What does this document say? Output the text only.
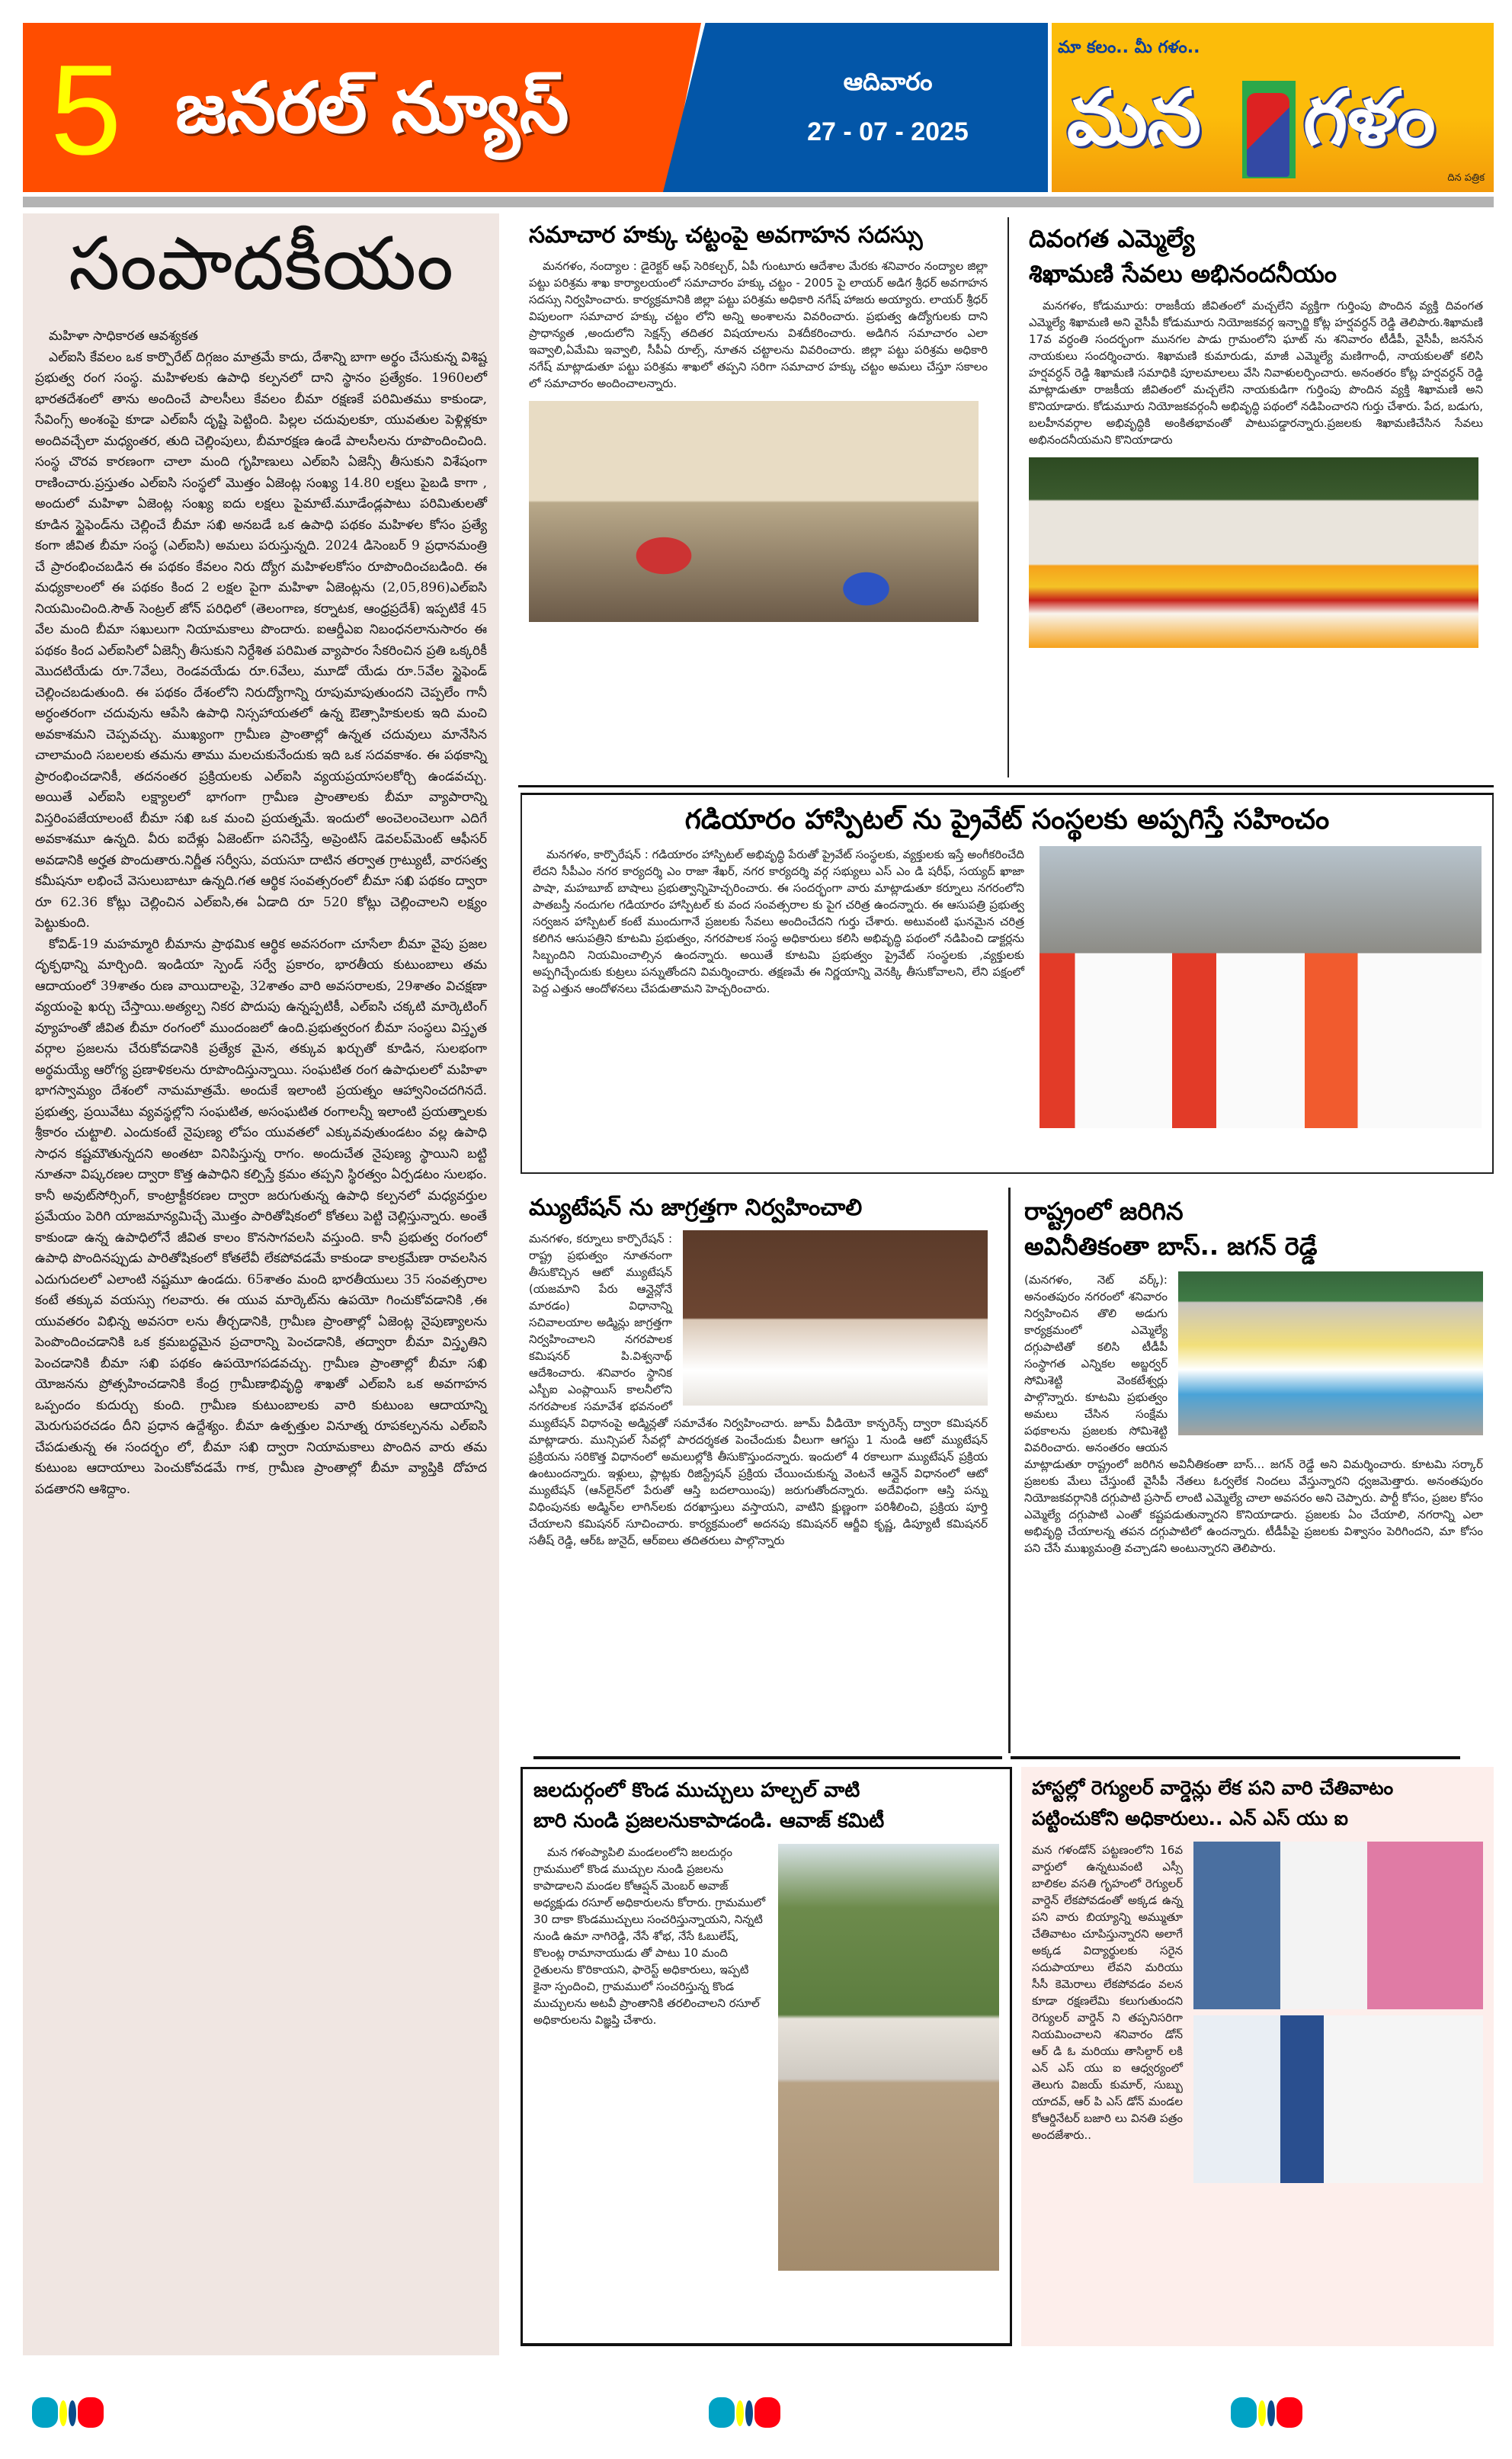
5 జనరల్ న్యూస్	ఆదివారం
27 - 07 - 2025
మా కలం.. మీ గళం..
మన గళం
దిన పత్రిక
సంపాదకీయం

మహిళా సాధికారత ఆవశ్యకత

ఎల్ఐసి కేవలం ఒక కార్పొరేట్ దిగ్గజం మాత్రమే కాదు, దేశాన్ని బాగా అర్థం చేసుకున్న విశిష్ట ప్రభుత్వ రంగ సంస్థ. మహిళలకు ఉపాధి కల్పనలో దాని స్థానం ప్రత్యేకం. 1960లలో భారతదేశంలో తాను అందించే పాలసీలు కేవలం బీమా రక్షణకే పరిమితము కాకుండా, సేవింగ్స్ అంశంపై కూడా ఎల్ఐసీ దృష్టి పెట్టింది. పిల్లల చదువులకూ, యువతుల పెళ్లిళ్లకూ అందివచ్చేలా మధ్యంతర, తుది చెల్లింపులు, బీమారక్షణ ఉండే పాలసీలను రూపొందించింది. సంస్థ చొరవ కారణంగా చాలా మంది గృహిణులు ఎల్ఐసి ఏజెన్సీ తీసుకుని విశేషంగా రాణించారు.ప్రస్తుతం ఎల్ఐసి సంస్థలో మొత్తం ఏజెంట్ల సంఖ్య 14.80 లక్షలు పైబడి కాగా , అందులో మహిళా ఏజెంట్ల సంఖ్య ఐదు లక్షలు పైమాటే.మూడేండ్లపాటు పరిమితులతో కూడిన స్టైఫెండ్‌ను చెల్లించే బీమా సఖి అనబడే ఒక ఉపాధి పథకం మహిళల కోసం ప్రత్యే కంగా జీవిత బీమా సంస్థ (ఎల్ఐసి) అమలు పరుస్తున్నది. 2024 డిసెంబర్ 9 ప్రధానమంత్రి చే ప్రారంభించబడిన ఈ పథకం కేవలం నిరు ద్యోగ మహిళలకోసం రూపొందించబడింది. ఈ మధ్యకాలంలో ఈ పథకం కింద 2 లక్షల పైగా మహిళా ఏజెంట్లను (2,05,896)ఎల్ఐసి నియమించింది.సౌత్ సెంట్రల్ జోన్ పరిధిలో (తెలంగాణ, కర్నాటక, ఆంధ్రప్రదేశ్) ఇప్పటికే 45 వేల మంది బీమా సఖులుగా నియామకాలు పొందారు. ఐఆర్డీఎఐ నిబంధనలానుసారం ఈ పథకం కింద ఎల్ఐసిలో ఏజెన్సీ తీసుకుని నిర్దేశిత పరిమిత వ్యాపారం సేకరించిన ప్రతి ఒక్కరికీ మొదటియేడు రూ.7వేలు, రెండవయేడు రూ.6వేలు, మూడో యేడు రూ.5వేల స్టైఫెండ్ చెల్లించబడుతుంది. ఈ పథకం దేశంలోని నిరుద్యోగాన్ని రూపుమాపుతుందని చెప్పలేం గానీ అర్ధంతరంగా చదువును ఆపేసి ఉపాధి నిస్సహాయతలో ఉన్న ఔత్సాహికులకు ఇది మంచి అవకాశమని చెప్పవచ్చు. ముఖ్యంగా గ్రామీణ ప్రాంతాల్లో ఉన్నత చదువులు మానేసిన చాలామంది సబలలకు తమను తాము మలచుకునేందుకు ఇది ఒక సదవకాశం. ఈ పథకాన్ని ప్రారంభించడానికీ, తదనంతర ప్రక్రియలకు ఎల్ఐసి వ్యయప్రయాసలకోర్చి ఉండవచ్చు. అయితే ఎల్ఐసి లక్ష్యాలలో భాగంగా గ్రామీణ ప్రాంతాలకు బీమా వ్యాపారాన్ని విస్తరింపజేయాలంటే బీమా సఖి ఒక మంచి ప్రయత్నమే. ఇందులో అంచెలంచెలుగా ఎదిగే అవకాశమూ ఉన్నది. వీరు ఐదేళ్లు ఏజెంట్‌గా పనిచేస్తే, అప్రెంటిస్ డెవలప్‌మెంట్ ఆఫీసర్ అవడానికి అర్హత పొందుతారు.నిర్ణీత సర్వీసు, వయసూ దాటిన తర్వాత గ్రాట్యుటీ, వారసత్వ కమీషనూ లభించే వెసులుబాటూ ఉన్నది.గత ఆర్థిక సంవత్సరంలో బీమా సఖి పథకం ద్వారా రూ 62.36 కోట్లు చెల్లించిన ఎల్ఐసి,ఈ ఏడాది రూ 520 కోట్లు చెల్లించాలని లక్ష్యం పెట్టుకుంది.

కోవిడ్-19 మహమ్మారి బీమాను ప్రాథమిక ఆర్థిక అవసరంగా చూసేలా బీమా వైపు ప్రజల దృక్పథాన్ని మార్చింది. ఇండియా స్పెండ్ సర్వే ప్రకారం, భారతీయ కుటుంబాలు తమ ఆదాయంలో 39శాతం రుణ వాయిదాలపై, 32శాతం వారి అవసరాలకు, 29శాతం విచక్షణా వ్యయంపై ఖర్చు చేస్తాయి.అత్యల్ప నికర పొదుపు ఉన్నప్పటికీ, ఎల్ఐసి చక్కటి మార్కెటింగ్ వ్యూహంతో జీవిత బీమా రంగంలో ముందంజలో ఉంది.ప్రభుత్వరంగ బీమా సంస్థలు విస్తృత వర్గాల ప్రజలను చేరుకోవడానికి ప్రత్యేక మైన, తక్కువ ఖర్చుతో కూడిన, సులభంగా అర్థమయ్యే ఆరోగ్య ప్రణాళికలను రూపొందిస్తున్నాయి. సంఘటిత రంగ ఉపాధులలో మహిళా భాగస్వామ్యం దేశంలో నామమాత్రమే. అందుకే ఇలాంటి ప్రయత్నం ఆహ్వానించదగినదే. ప్రభుత్వ, ప్రయివేటు వ్యవస్థల్లోని సంఘటిత, అసంఘటిత రంగాలన్నీ ఇలాంటి ప్రయత్నాలకు శ్రీకారం చుట్టాలి. ఎందుకంటే నైపుణ్య లోపం యువతలో ఎక్కువవుతుండటం వల్ల ఉపాధి సాధన కష్టమౌతున్నదని అంతటా వినిపిస్తున్న రాగం. అందుచేత నైపుణ్య స్థాయిని బట్టి నూతనా విష్కరణల ద్వారా కొత్త ఉపాధిని కల్పిస్తే క్రమం తప్పని స్థిరత్వం ఏర్పడటం సులభం. కానీ అవుట్‌సోర్సింగ్, కాంట్రాక్టీకరణల ద్వారా జరుగుతున్న ఉపాధి కల్పనలో మధ్యవర్తుల ప్రమేయం పెరిగి యాజమాన్యమిచ్చే మొత్తం పారితోషికంలో కోతలు పెట్టి చెల్లిస్తున్నారు. అంతే కాకుండా ఉన్న ఉపాధిలోనే జీవిత కాలం కొనసాగవలసి వస్తుంది. కానీ ప్రభుత్వ రంగంలో ఉపాధి పొందినప్పుడు పారితోషికంలో కోతలేవీ లేకపోవడమే కాకుండా కాలక్రమేణా రావలసిన ఎదుగుదలలో ఎలాంటి నష్టమూ ఉండదు. 65శాతం మంది భారతీయులు 35 సంవత్సరాల కంటే తక్కువ వయస్సు గలవారు. ఈ యువ మార్కెట్‌ను ఉపయో గించుకోవడానికి ,ఈ యువతరం విభిన్న అవసరా లను తీర్చడానికి, గ్రామీణ ప్రాంతాల్లో ఏజెంట్ల నైపుణ్యాలను పెంపొందించడానికి ఒక క్రమబద్ధమైన ప్రచారాన్ని పెంచడానికి, తద్వారా బీమా విస్తృతిని పెంచడానికి బీమా సఖి పథకం ఉపయోగపడవచ్చు. గ్రామీణ ప్రాంతాల్లో బీమా సఖి యోజనను ప్రోత్సహించడానికి కేంద్ర గ్రామీణాభివృద్ధి శాఖతో ఎల్ఐసి ఒక అవగాహన ఒప్పందం కుదుర్చు కుంది. గ్రామీణ కుటుంబాలకు వారి కుటుంబ ఆదాయాన్ని మెరుగుపరచడం దీని ప్రధాన ఉద్దేశ్యం. బీమా ఉత్పత్తుల వినూత్న రూపకల్పనను ఎల్ఐసి చేపడుతున్న ఈ సందర్భం లో, బీమా సఖి ద్వారా నియామకాలు పొందిన వారు తమ కుటుంబ ఆదాయాలు పెంచుకోవడమే గాక, గ్రామీణ ప్రాంతాల్లో బీమా వ్యాప్తికి దోహద పడతారని ఆశిద్దాం.

సమాచార హక్కు చట్టంపై అవగాహన సదస్సు

మనగళం, నంద్యాల : డైరెక్టర్ ఆఫ్ సెరికల్చర్, ఏపీ గుంటూరు ఆదేశాల మేరకు శనివారం నంద్యాల జిల్లా పట్టు పరిశ్రమ శాఖ కార్యాలయంలో సమాచారం హక్కు చట్టం - 2005 పై లాయర్ అడిగ శ్రీధర్ అవగాహన సదస్సు నిర్వహించారు. కార్యక్రమానికి జిల్లా పట్టు పరిశ్రమ అధికారి నగేష్ హాజరు అయ్యారు. లాయర్ శ్రీధర్ విపులంగా సమాచార హక్కు చట్టం లోని అన్ని అంశాలను వివరించారు. ప్రభుత్వ ఉద్యోగులకు దాని ప్రాధాన్యత ,అందులోని సెక్షన్స్ తదితర విషయాలను విశదీకరించారు. అడిగిన సమాచారం ఎలా ఇవ్వాలి,ఏమేమి ఇవ్వాలి, సీపీఏ రూల్స్, నూతన చట్టాలను వివరించారు. జిల్లా పట్టు పరిశ్రమ అధికారి నగేష్ మాట్లాడుతూ పట్టు పరిశ్రమ శాఖలో తప్పని సరిగా సమాచార హక్కు చట్టం అమలు చేస్తూ సకాలం లో సమాచారం అందించాలన్నారు.

దివంగత ఎమ్మెల్యే
శిఖామణి సేవలు అభినందనీయం

మనగళం, కోడుమూరు: రాజకీయ జీవితంలో మచ్చలేని వ్యక్తిగా గుర్తింపు పొందిన వ్యక్తి దివంగత ఎమ్మెల్యే శిఖామణి అని వైసీపీ కోడుమూరు నియోజకవర్గ ఇన్చార్జి కోట్ల హర్షవర్ధన్ రెడ్డి తెలిపారు.శిఖామణి 17వ వర్ధంతి సందర్భంగా మునగల పాడు గ్రామంలోని ఘాట్ ను శనివారం టీడీపీ, వైసీపీ, జనసేన నాయకులు సందర్శించారు. శిఖామణి కుమారుడు, మాజీ ఎమ్మెల్యే మణిగాంధీ, నాయకులతో కలిసి హర్షవర్ధన్ రెడ్డి శిఖామణి సమాధికి పూలమాలలు వేసి నివాళులర్పించారు. అనంతరం కోట్ల హర్షవర్ధన్ రెడ్డి మాట్లాడుతూ రాజకీయ జీవితంలో మచ్చలేని నాయకుడిగా గుర్తింపు పొందిన వ్యక్తి శిఖామణి అని కొనియాడారు. కోడుమూరు నియోజకవర్గంనీ అభివృద్ధి పథంలో నడిపించారని గుర్తు చేశారు. పేద, బడుగు, బలహీనవర్గాల అభివృద్ధికి అంకితభావంతో పాటుపడ్డారన్నారు.ప్రజలకు శిఖామణిచేసిన సేవలు అభినందనీయమని కొనియాడారు

గడియారం హాస్పిటల్ ను ప్రైవేట్ సంస్థలకు అప్పగిస్తే సహించం

మనగళం, కార్పొరేషన్ : గడియారం హాస్పిటల్ అభివృద్ధి పేరుతో ప్రైవేట్ సంస్థలకు, వ్యక్తులకు ఇస్తే అంగీకరించేది లేదని సీపీఎం నగర కార్యదర్శి ఎం రాజా శేఖర్, నగర కార్యదర్శి వర్గ సభ్యులు ఎస్ ఎం డి షరీఫ్, సయ్యద్ ఖాజా పాషా, మహబూబ్ బాషాలు ప్రభుత్వాన్నిహెచ్చరించారు. ఈ సందర్భంగా వారు మాట్లాడుతూ కర్నూలు నగరంలోని పాతబస్తీ నందుగల గడియారం హాస్పిటల్ కు వంద సంవత్సరాల కు పైగ చరిత్ర ఉందన్నారు. ఈ ఆసుపత్రి ప్రభుత్వ సర్వజన హాస్పిటల్ కంటే ముందుగానే ప్రజలకు సేవలు అందించేదని గుర్తు చేశారు. అటువంటి ఘనమైన చరిత్ర కలిగిన ఆసుపత్రిని కూటమి ప్రభుత్వం, నగరపాలక సంస్థ అధికారులు కలిసి అభివృద్ధి పథంలో నడిపించి డాక్టర్లను సిబ్బందిని నియమించాల్సిన ఉందన్నారు. అయితే కూటమి ప్రభుత్వం ప్రైవేట్ సంస్థలకు ,వ్యక్తులకు అప్పగిచ్చేందుకు కుట్రలు పన్నుతోందని విమర్శించారు. తక్షణమే ఈ నిర్ణయాన్ని వెనక్కి తీసుకోవాలని, లేని పక్షంలో పెద్ద ఎత్తున ఆందోళనలు చేపడుతామని హెచ్చరించారు.

మ్యుటేషన్ ను జాగ్రత్తగా నిర్వహించాలి

మనగళం, కర్నూలు కార్పొరేషన్ : రాష్ట్ర ప్రభుత్వం నూతనంగా తీసుకొచ్చిన ఆటో మ్యుటేషన్ (యజమాని పేరు ఆన్లైన్లోనే మారడం) విధానాన్ని సచివాలయాల అడ్మిన్లు జాగ్రత్తగా

నిర్వహించాలని నగరపాలక కమిషనర్ పి.విశ్వనాథ్ ఆదేశించారు. శనివారం స్థానిక ఎస్బీఐ ఎంప్లాయిస్ కాలనీలోని నగరపాలక సమావేశ భవనంలో మ్యుటేషన్ విధానంపై అడ్మిన్లతో సమావేశం నిర్వహించారు. జూమ్ వీడియో కాన్ఫరెన్స్ ద్వారా కమిషనర్ మాట్లాడారు. మున్సిపల్ సేవల్లో పారదర్శకత పెంచేందుకు వీలుగా ఆగస్టు 1 నుండి ఆటో మ్యుటేషన్ ప్రక్రియను సరికొత్త విధానంలో అమలుల్లోకి తీసుకొస్తుందన్నారు. ఇందులో 4 రకాలుగా మ్యుటేషన్ ప్రక్రియ ఉంటుందన్నారు. ఇళ్లులు, ప్లాట్లకు రిజిస్ట్రేషన్ ప్రక్రియ చేయించుకున్న వెంటనే ఆన్లైన్ విధానంలో ఆటో మ్యుటేషన్ (ఆన్‌లైన్‌లో పేరుతో ఆస్తి బదలాయింపు) జరుగుతోందన్నారు. అదేవిధంగా ఆస్తి పన్ను విధింపునకు అడ్మిన్‌ల లాగిన్‌లకు దరఖాస్తులు వస్తాయని, వాటిని క్షుణ్ణంగా పరిశీలించి, ప్రక్రియ పూర్తి చేయాలని కమిషనర్ సూచించారు. కార్యక్రమంలో అదనపు కమిషనర్ ఆర్జీవి కృష్ణ, డిప్యూటీ కమిషనర్ సతీష్ రెడ్డి, ఆర్ఓ జునైద్, ఆర్ఐలు తదితరులు పాల్గొన్నారు

రాష్ట్రంలో జరిగిన
అవినీతికంతా బాస్.. జగన్ రెడ్డే

(మనగళం, నెట్ వర్క్): అనంతపురం నగరంలో శనివారం నిర్వహించిన తొలి అడుగు కార్యక్రమంలో ఎమ్మెల్యే దగ్గుపాటితో కలిసి టీడీపీ సంస్థాగత ఎన్నికల అబ్జర్వర్ సోమిశెట్టి వెంకటేశ్వర్లు

పాల్గొన్నారు. కూటమి ప్రభుత్వం అమలు చేసిన సంక్షేమ పథకాలను ప్రజలకు సోమిశెట్టి వివరించారు. అనంతరం ఆయన మాట్లాడుతూ రాష్ట్రంలో జరిగిన అవినీతికంతా బాస్... జగన్ రెడ్డే అని విమర్శించారు. కూటమి సర్కార్ ప్రజలకు మేలు చేస్తుంటే వైసీపీ నేతలు ఓర్వలేక నిందలు వేస్తున్నారని ధ్వజమెత్తారు. అనంతపురం నియోజకవర్గానికి దగ్గుపాటి ప్రసాద్ లాంటి ఎమ్మెల్యే చాలా అవసరం అని చెప్పారు. పార్టీ కోసం, ప్రజల కోసం ఎమ్మెల్యే దగ్గుపాటి ఎంతో కష్టపడుతున్నారని కొనియాడారు. ప్రజలకు ఏం చేయాలి, నగరాన్ని ఎలా అభివృద్ధి చేయాలన్న తపన దగ్గుపాటిలో ఉందన్నారు. టీడీపీపై ప్రజలకు విశ్వాసం పెరిగిందని, మా కోసం పని చేసే ముఖ్యమంత్రి వచ్చాడని అంటున్నారని తెలిపారు.

జలదుర్గంలో కొండ ముచ్చులు హల్చల్ వాటి
బారి నుండి ప్రజలనుకాపాడండి. ఆవాజ్ కమిటీ

మన గళంప్యాపిలి మండలంలోని జలదుర్గం గ్రామములో కొండ ముచ్చుల నుండి ప్రజలను కాపాడాలని మండల కోఆప్షన్ మెంబర్ అవాజ్ అధ్యక్షుడు రసూల్ అధికారులను కోరారు. గ్రామములో 30 దాకా కొండముచ్చులు సంచరిస్తున్నాయని, నిన్నటి నుండి ఉమా నాగిరెడ్డి, నేసే శోభ, నేసే ఓబులేష్, కొలంట్ల రామానాయుడు తో పాటు 10 మంది రైతులను కొరికాయని, ఫారెస్ట్ అధికారులు, ఇప్పటి కైనా స్పందించి, గ్రామములో సంచరిస్తున్న కొండ ముచ్చులను అటవీ ప్రాంతానికి తరలించాలని రసూల్ అధికారులను విజ్ఞప్తి చేశారు.

హాస్టల్లో రెగ్యులర్ వార్డెన్లు లేక పని వారి చేతివాటం
పట్టించుకోని అధికారులు.. ఎన్ ఎస్ యు ఐ

మన గళండోన్ పట్టణంలోని 16వ వార్డులో ఉన్నటువంటి ఎస్సీ బాలికల వసతి గృహంలో రెగ్యులర్ వార్డెన్ లేకపోవడంతో అక్కడ ఉన్న పని వారు బియ్యాన్ని అమ్ముతూ చేతివాటం చూపిస్తున్నారని అలాగే అక్కడ విద్యార్థులకు సరైన సదుపాయాలు లేవని మరియు సీసీ కెమెరాలు లేకపోవడం

వలన కూడా రక్షణలేమి కలుగుతుందని రెగ్యులర్ వార్డెన్ ని తప్పనిసరిగా నియమించాలని శనివారం డోన్ ఆర్ డి ఓ మరియు తాసిల్దార్ లకి ఎన్ ఎస్ యు ఐ ఆధ్వర్యంలో తెలుగు విజయ్ కుమార్, సుబ్బు యాదవ్, ఆర్ పి ఎస్ డోన్ మండల కోఆర్డినేటర్ బజారి లు వినతి పత్రం అందజేశారు..
